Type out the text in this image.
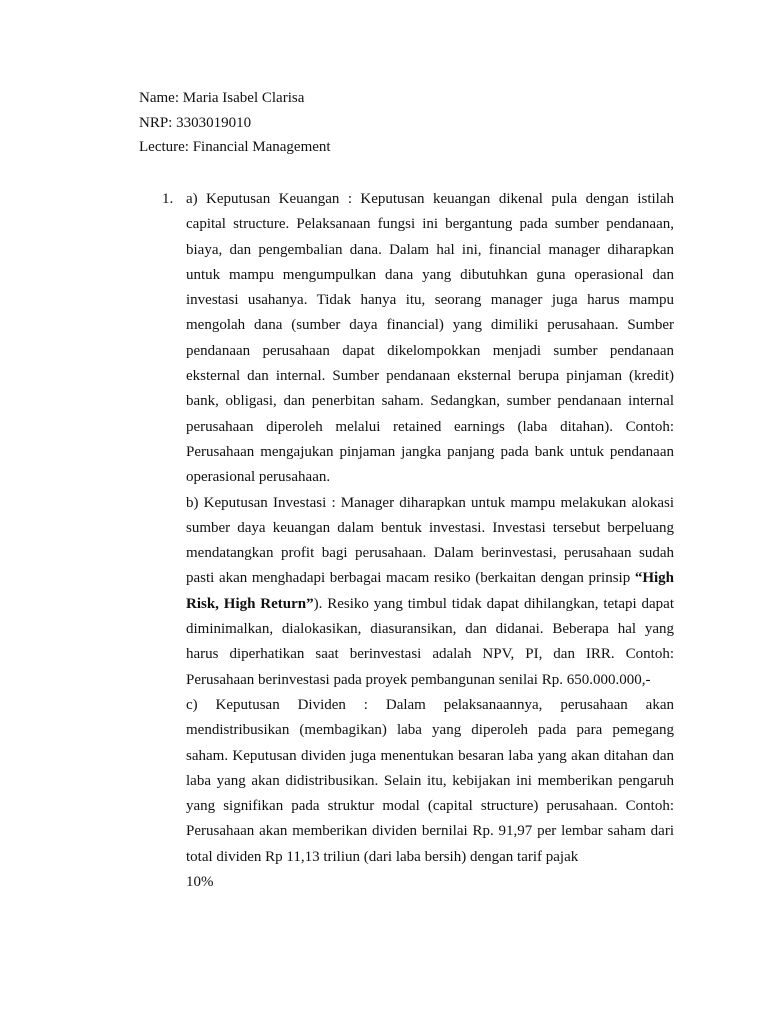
Name: Maria Isabel Clarisa
NRP: 3303019010
Lecture: Financial Management
1. a) Keputusan Keuangan : Keputusan keuangan dikenal pula dengan istilah capital structure. Pelaksanaan fungsi ini bergantung pada sumber pendanaan, biaya, dan pengembalian dana. Dalam hal ini, financial manager diharapkan untuk mampu mengumpulkan dana yang dibutuhkan guna operasional dan investasi usahanya. Tidak hanya itu, seorang manager juga harus mampu mengolah dana (sumber daya financial) yang dimiliki perusahaan. Sumber pendanaan perusahaan dapat dikelompokkan menjadi sumber pendanaan eksternal dan internal. Sumber pendanaan eksternal berupa pinjaman (kredit) bank, obligasi, dan penerbitan saham. Sedangkan, sumber pendanaan internal perusahaan diperoleh melalui retained earnings (laba ditahan). Contoh: Perusahaan mengajukan pinjaman jangka panjang pada bank untuk pendanaan operasional perusahaan.

b) Keputusan Investasi : Manager diharapkan untuk mampu melakukan alokasi sumber daya keuangan dalam bentuk investasi. Investasi tersebut berpeluang mendatangkan profit bagi perusahaan. Dalam berinvestasi, perusahaan sudah pasti akan menghadapi berbagai macam resiko (berkaitan dengan prinsip “High Risk, High Return”). Resiko yang timbul tidak dapat dihilangkan, tetapi dapat diminimalkan, dialokasikan, diasuransikan, dan didanai. Beberapa hal yang harus diperhatikan saat berinvestasi adalah NPV, PI, dan IRR. Contoh: Perusahaan berinvestasi pada proyek pembangunan senilai Rp. 650.000.000,-

c) Keputusan Dividen : Dalam pelaksanaannya, perusahaan akan mendistribusikan (membagikan) laba yang diperoleh pada para pemegang saham. Keputusan dividen juga menentukan besaran laba yang akan ditahan dan laba yang akan didistribusikan. Selain itu, kebijakan ini memberikan pengaruh yang signifikan pada struktur modal (capital structure) perusahaan. Contoh: Perusahaan akan memberikan dividen bernilai Rp. 91,97 per lembar saham dari total dividen Rp 11,13 triliun (dari laba bersih) dengan tarif pajak

10%
